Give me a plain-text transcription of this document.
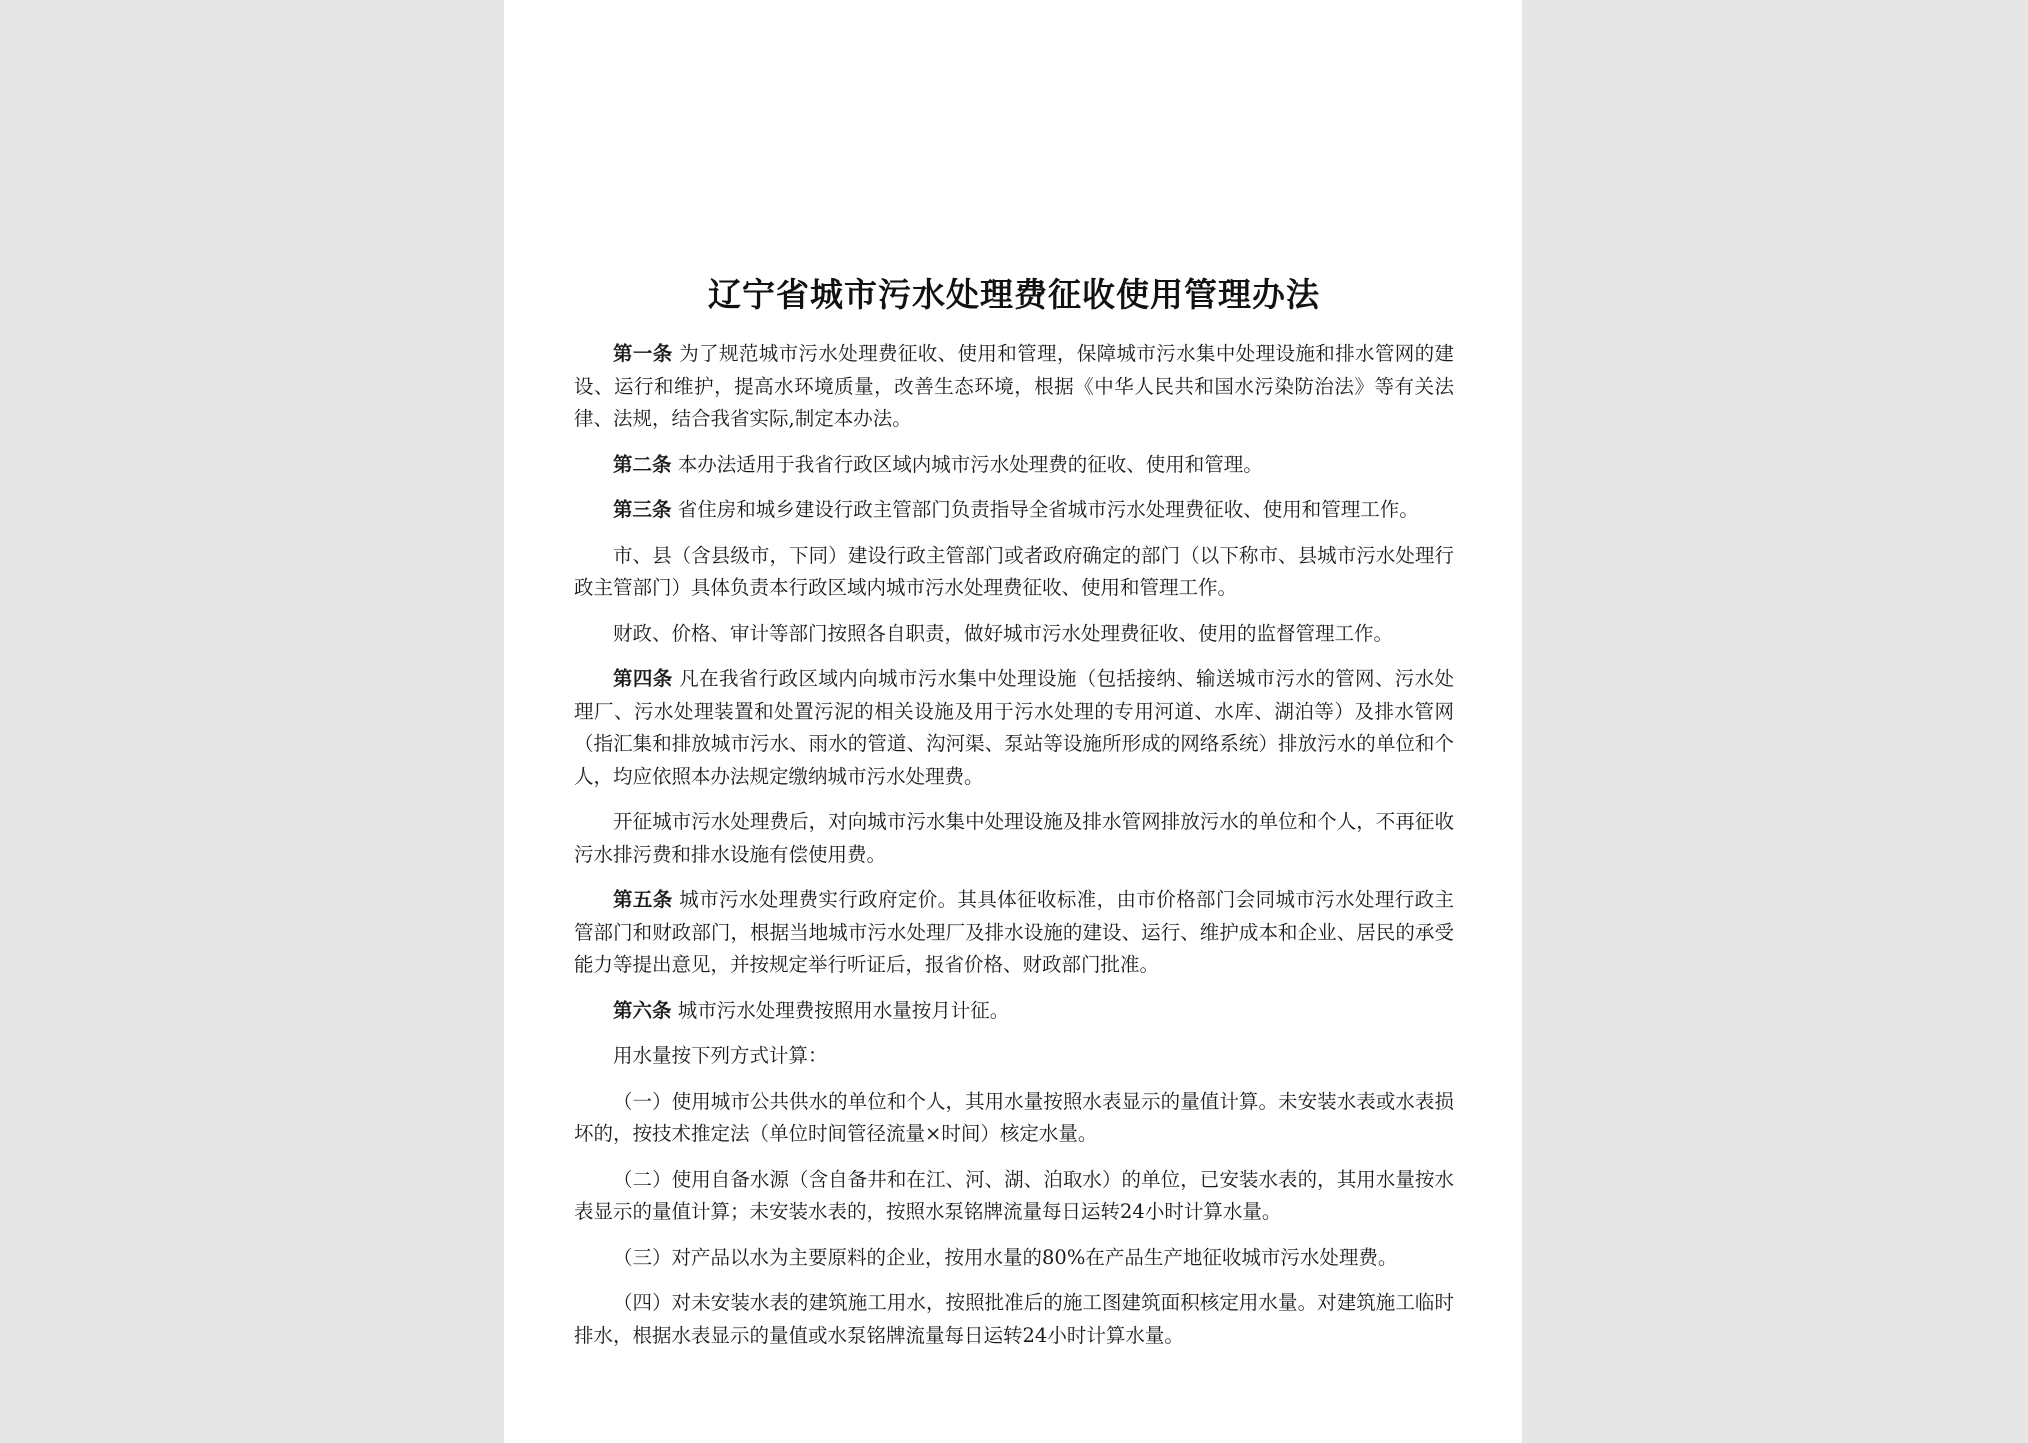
辽宁省城市污水处理费征收使用管理办法

第一条 为了规范城市污水处理费征收、使用和管理，保障城市污水集中处理设施和排水管网的建设、运行和维护，提高水环境质量，改善生态环境，根据《中华人民共和国水污染防治法》等有关法律、法规，结合我省实际,制定本办法。

第二条 本办法适用于我省行政区域内城市污水处理费的征收、使用和管理。

第三条 省住房和城乡建设行政主管部门负责指导全省城市污水处理费征收、使用和管理工作。

市、县（含县级市，下同）建设行政主管部门或者政府确定的部门（以下称市、县城市污水处理行政主管部门）具体负责本行政区域内城市污水处理费征收、使用和管理工作。

财政、价格、审计等部门按照各自职责，做好城市污水处理费征收、使用的监督管理工作。

第四条 凡在我省行政区域内向城市污水集中处理设施（包括接纳、输送城市污水的管网、污水处理厂、污水处理装置和处置污泥的相关设施及用于污水处理的专用河道、水库、湖泊等）及排水管网（指汇集和排放城市污水、雨水的管道、沟河渠、泵站等设施所形成的网络系统）排放污水的单位和个人，均应依照本办法规定缴纳城市污水处理费。

开征城市污水处理费后，对向城市污水集中处理设施及排水管网排放污水的单位和个人，不再征收污水排污费和排水设施有偿使用费。

第五条 城市污水处理费实行政府定价。其具体征收标准，由市价格部门会同城市污水处理行政主管部门和财政部门，根据当地城市污水处理厂及排水设施的建设、运行、维护成本和企业、居民的承受能力等提出意见，并按规定举行听证后，报省价格、财政部门批准。

第六条 城市污水处理费按照用水量按月计征。

用水量按下列方式计算：

（一）使用城市公共供水的单位和个人，其用水量按照水表显示的量值计算。未安装水表或水表损坏的，按技术推定法（单位时间管径流量×时间）核定水量。

（二）使用自备水源（含自备井和在江、河、湖、泊取水）的单位，已安装水表的，其用水量按水表显示的量值计算；未安装水表的，按照水泵铭牌流量每日运转24小时计算水量。

（三）对产品以水为主要原料的企业，按用水量的80%在产品生产地征收城市污水处理费。

（四）对未安装水表的建筑施工用水，按照批准后的施工图建筑面积核定用水量。对建筑施工临时排水，根据水表显示的量值或水泵铭牌流量每日运转24小时计算水量。
